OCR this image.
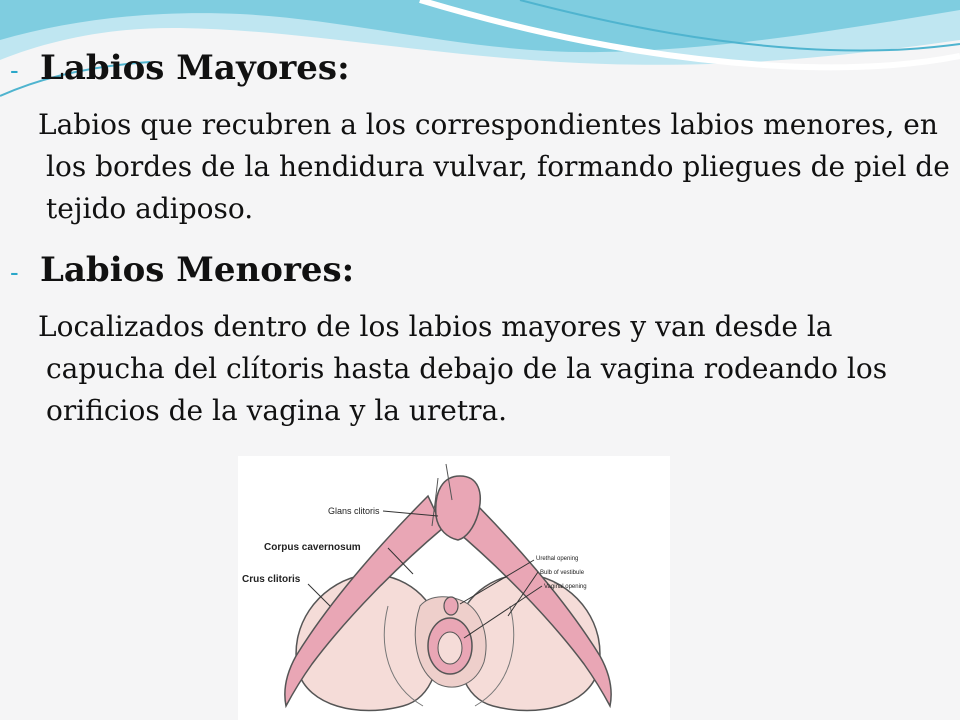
- Labios Mayores:
Labios que recubren a los correspondientes labios menores, en los bordes de la hendidura vulvar, formando pliegues de piel de tejido adiposo.
- Labios Menores:
Localizados dentro de los labios mayores y van desde la capucha del clítoris hasta debajo de la vagina rodeando los orificios de la vagina y la uretra.
Glans clitoris
Corpus cavernosum
Crus clitoris
Urethal opening
Bulb of vestibule
Vaginal opening
